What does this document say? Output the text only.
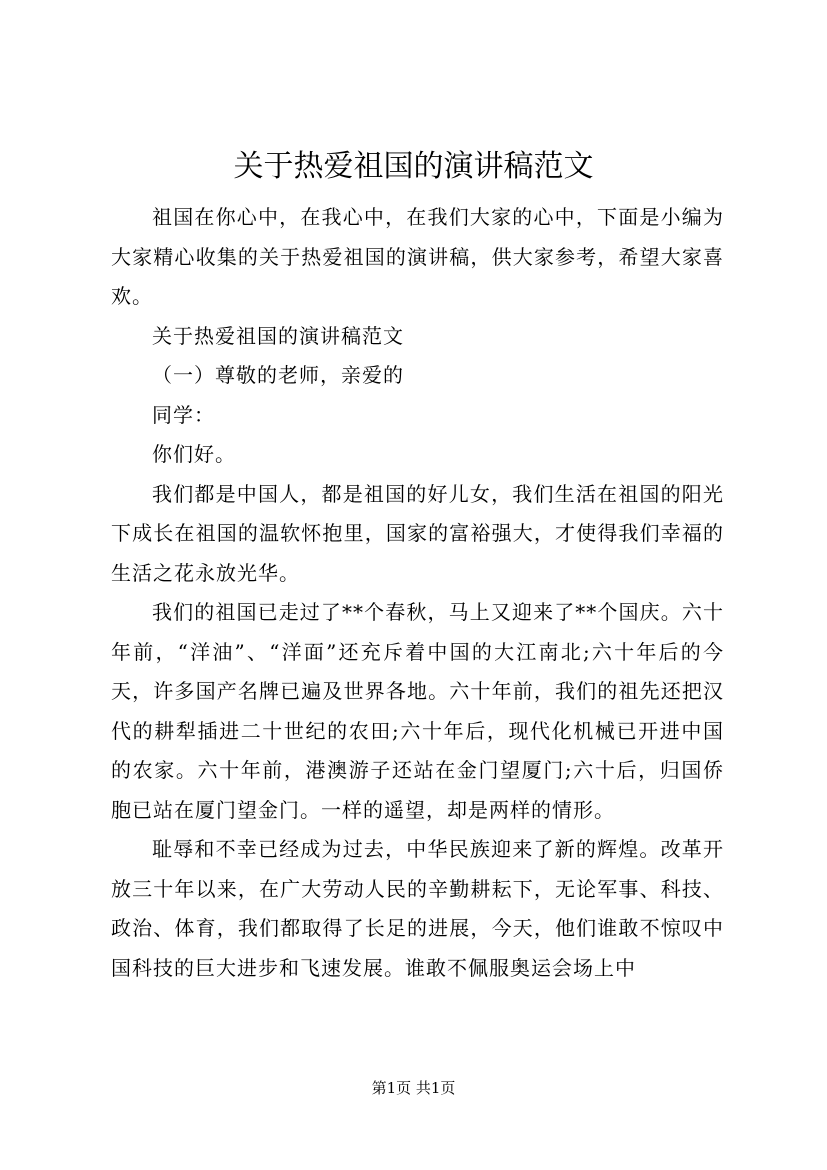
关于热爱祖国的演讲稿范文

祖国在你心中，在我心中，在我们大家的心中，下面是小编为大家精心收集的关于热爱祖国的演讲稿，供大家参考，希望大家喜欢。

关于热爱祖国的演讲稿范文

（一）尊敬的老师，亲爱的

同学：

你们好。

我们都是中国人，都是祖国的好儿女，我们生活在祖国的阳光下成长在祖国的温软怀抱里，国家的富裕强大，才使得我们幸福的生活之花永放光华。

我们的祖国已走过了**个春秋，马上又迎来了**个国庆。六十年前，“洋油”、“洋面”还充斥着中国的大江南北;六十年后的今天，许多国产名牌已遍及世界各地。六十年前，我们的祖先还把汉代的耕犁插进二十世纪的农田;六十年后，现代化机械已开进中国的农家。六十年前，港澳游子还站在金门望厦门;六十后，归国侨胞已站在厦门望金门。一样的遥望，却是两样的情形。

耻辱和不幸已经成为过去，中华民族迎来了新的辉煌。改革开放三十年以来，在广大劳动人民的辛勤耕耘下，无论军事、科技、政治、体育，我们都取得了长足的进展，今天，他们谁敢不惊叹中国科技的巨大进步和飞速发展。谁敢不佩服奥运会场上中

第1页 共1页
